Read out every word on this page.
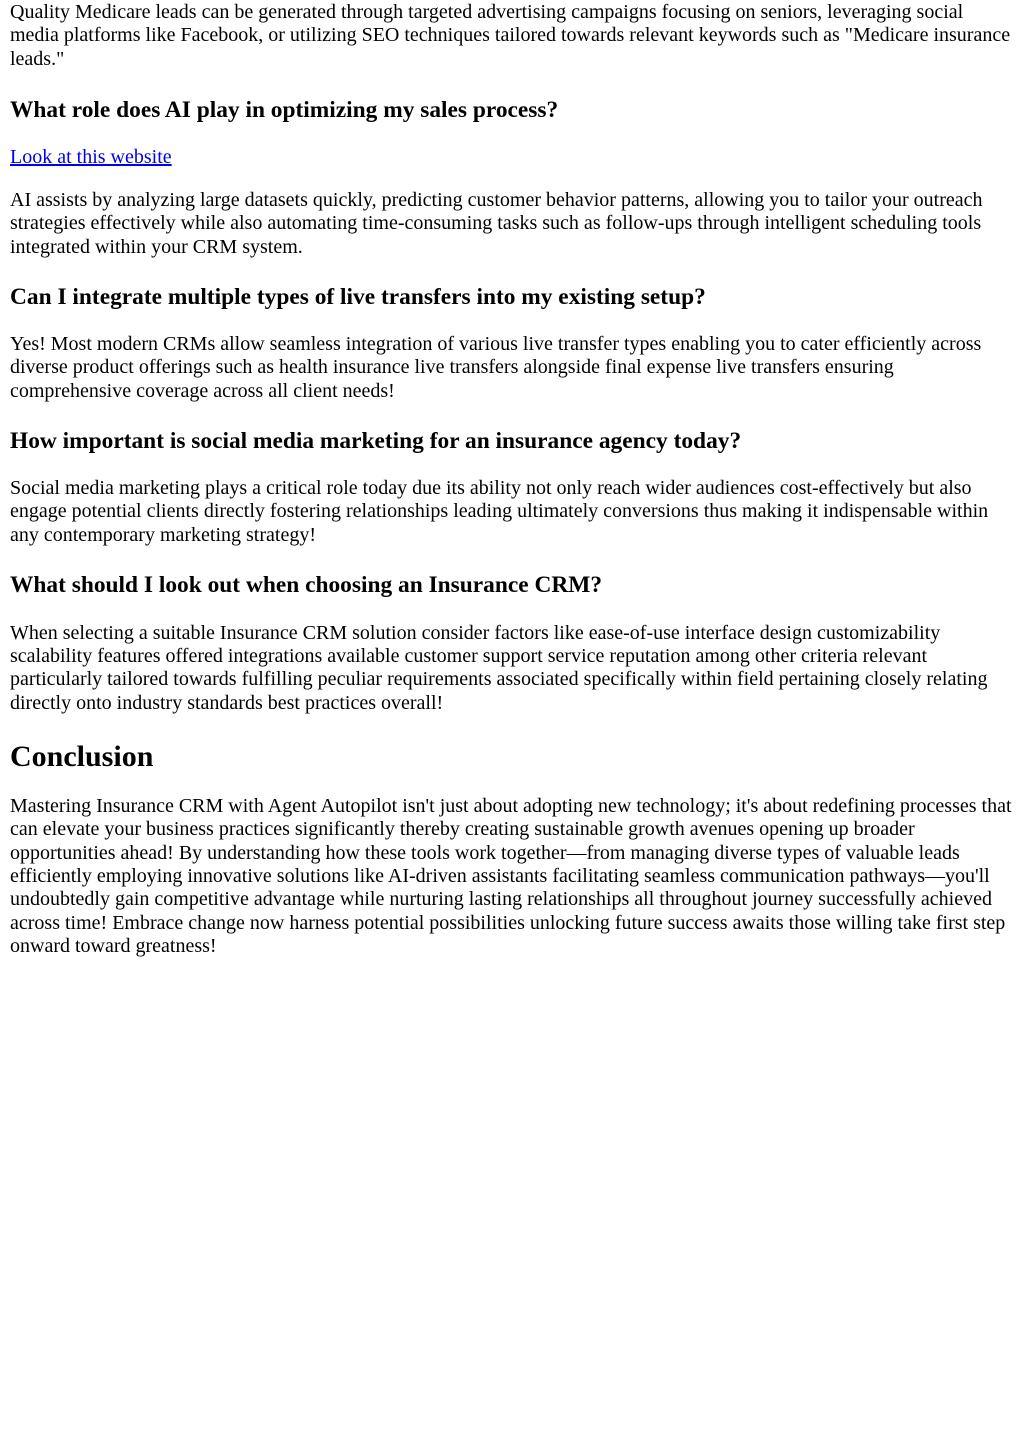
Quality Medicare leads can be generated through targeted advertising campaigns focusing on seniors, leveraging social media platforms like Facebook, or utilizing SEO techniques tailored towards relevant keywords such as "Medicare insurance leads."

What role does AI play in optimizing my sales process?

Look at this website

AI assists by analyzing large datasets quickly, predicting customer behavior patterns, allowing you to tailor your outreach strategies effectively while also automating time-consuming tasks such as follow-ups through intelligent scheduling tools integrated within your CRM system.

Can I integrate multiple types of live transfers into my existing setup?

Yes! Most modern CRMs allow seamless integration of various live transfer types enabling you to cater efficiently across diverse product offerings such as health insurance live transfers alongside final expense live transfers ensuring comprehensive coverage across all client needs!

How important is social media marketing for an insurance agency today?

Social media marketing plays a critical role today due its ability not only reach wider audiences cost-effectively but also engage potential clients directly fostering relationships leading ultimately conversions thus making it indispensable within any contemporary marketing strategy!

What should I look out when choosing an Insurance CRM?

When selecting a suitable Insurance CRM solution consider factors like ease-of-use interface design customizability scalability features offered integrations available customer support service reputation among other criteria relevant particularly tailored towards fulfilling peculiar requirements associated specifically within field pertaining closely relating directly onto industry standards best practices overall!

Conclusion

Mastering Insurance CRM with Agent Autopilot isn't just about adopting new technology; it's about redefining processes that can elevate your business practices significantly thereby creating sustainable growth avenues opening up broader opportunities ahead! By understanding how these tools work together—from managing diverse types of valuable leads efficiently employing innovative solutions like AI-driven assistants facilitating seamless communication pathways—you'll undoubtedly gain competitive advantage while nurturing lasting relationships all throughout journey successfully achieved across time! Embrace change now harness potential possibilities unlocking future success awaits those willing take first step onward toward greatness!
